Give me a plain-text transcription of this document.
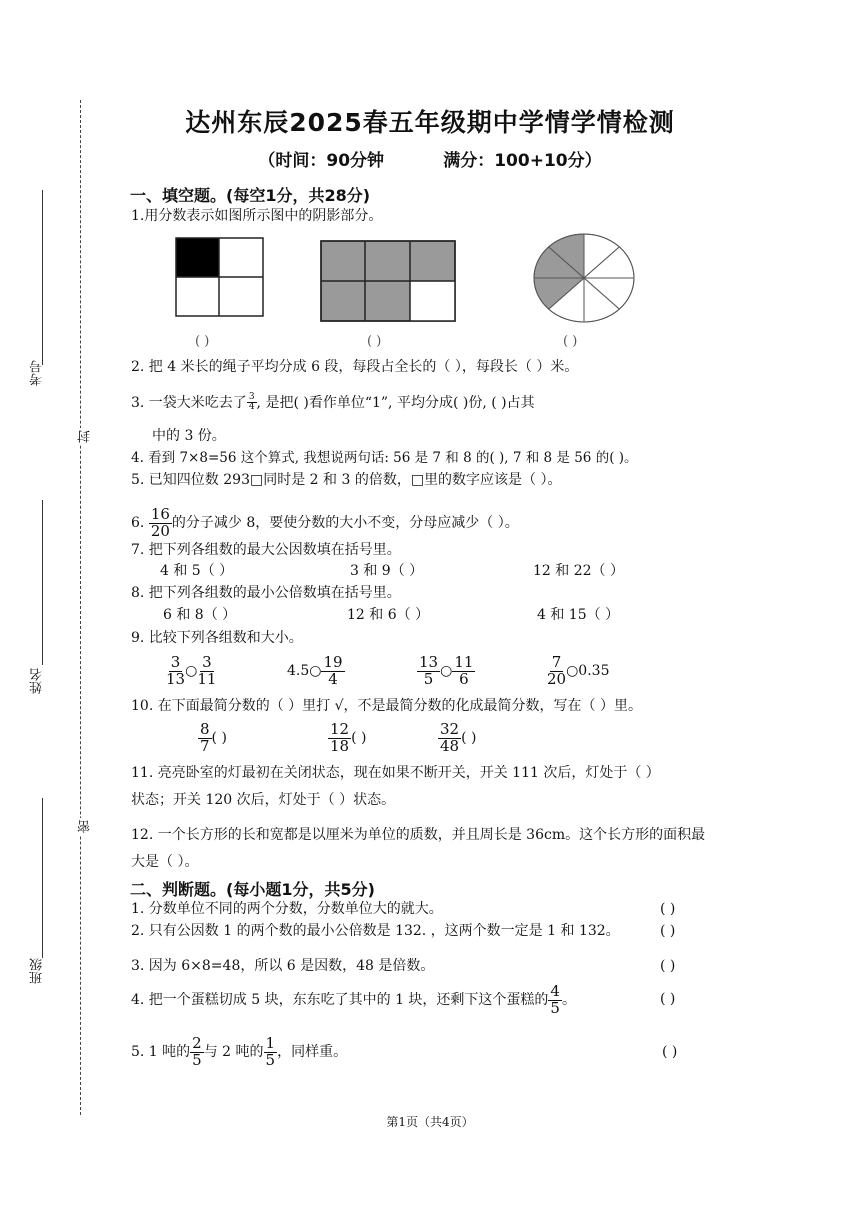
考号
封
姓名
密
班级
达州东辰2025春五年级期中学情学情检测
（时间：90分钟          满分：100+10分）
一、填空题。(每空1分，共28分)
1.用分数表示如图所示图中的阴影部分。
( )	( )	( )
2. 把 4 米长的绳子平均分成 6 段，每段占全长的（ ），每段长（ ）米。
3. 一袋大米吃去了 $\frac{3}{4}$ , 是把( )看作单位“1”, 平均分成( )份, ( )占其
中的 3 份。
4. 看到 7×8=56 这个算式, 我想说两句话: 56 是 7 和 8 的( ), 7 和 8 是 56 的( )。
5. 已知四位数 293□同时是 2 和 3 的倍数，□里的数字应该是（ ）。
6. $\frac{16}{20}$ 的分子减少 8，要使分数的大小不变，分母应减少（ ）。
7. 把下列各组数的最大公因数填在括号里。
4 和 5（ ）	3 和 9（ ）	12 和 22（ ）
8. 把下列各组数的最小公倍数填在括号里。
6 和 8（ ）	12 和 6（ ）	4 和 15（ ）
9. 比较下列各组数和大小。
$\frac{3}{13}$ ○ $\frac{3}{11}$	4.5○ $\frac{19}{4}$	$\frac{13}{5}$ ○ $\frac{11}{6}$	$\frac{7}{20}$ ○0.35
10. 在下面最简分数的（ ）里打 √，不是最简分数的化成最简分数，写在（ ）里。
$\frac{8}{7}$ ( )	$\frac{12}{18}$ ( )	$\frac{32}{48}$ ( )
11. 亮亮卧室的灯最初在关闭状态，现在如果不断开关，开关 111 次后，灯处于（ ）
状态；开关 120 次后，灯处于（ ）状态。
12. 一个长方形的长和宽都是以厘米为单位的质数，并且周长是 36cm。这个长方形的面积最
大是（ ）。
二、判断题。(每小题1分，共5分)
1. 分数单位不同的两个分数，分数单位大的就大。	( )
2. 只有公因数 1 的两个数的最小公倍数是 132. ，这两个数一定是 1 和 132。	( )
3. 因为 6×8=48，所以 6 是因数，48 是倍数。	( )
4. 把一个蛋糕切成 5 块，东东吃了其中的 1 块，还剩下这个蛋糕的 $\frac{4}{5}$ 。	( )
5. 1 吨的 $\frac{2}{5}$ 与 2 吨的 $\frac{1}{5}$ ，同样重。	( )
第1页（共4页）
